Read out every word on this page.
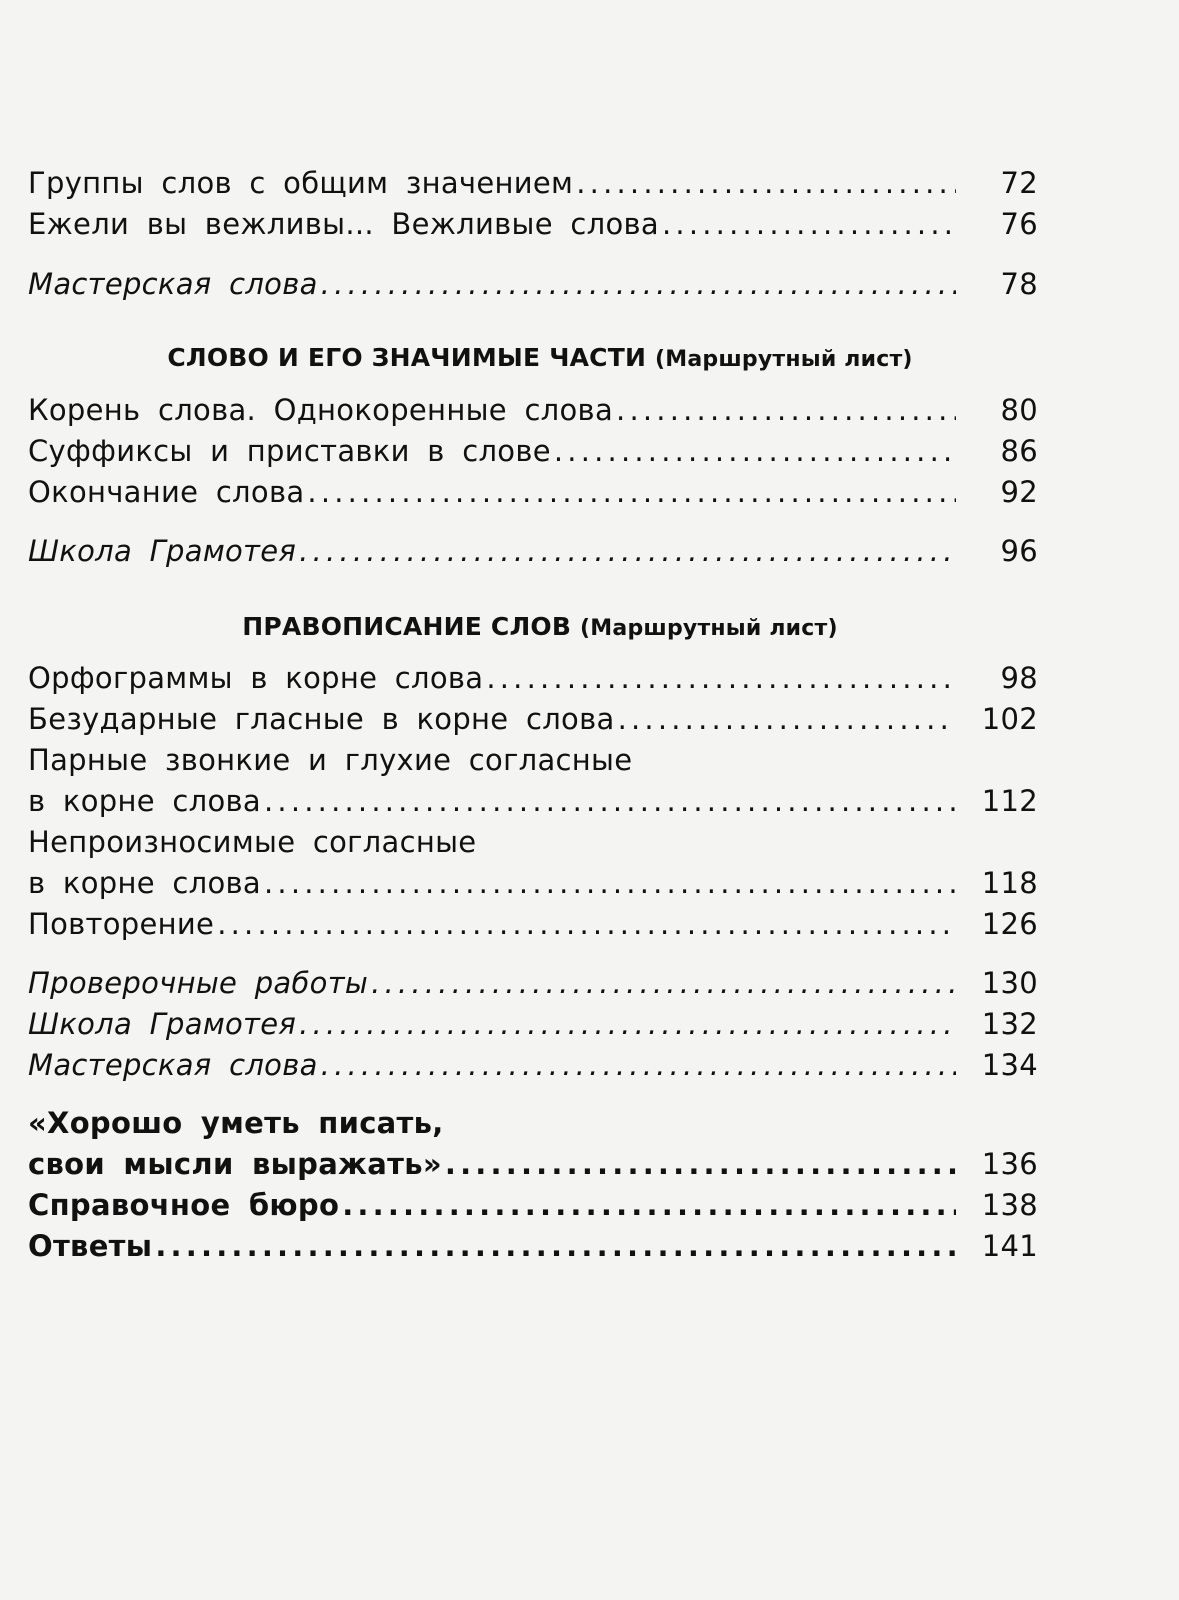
Группы слов с общим значением .....	72
Ежели вы вежливы... Вежливые слова .....	76
Мастерская слова .....	78
СЛОВО И ЕГО ЗНАЧИМЫЕ ЧАСТИ (Маршрутный лист)
Корень слова. Однокоренные слова .....	80
Суффиксы и приставки в слове .....	86
Окончание слова .....	92
Школа Грамотея .....	96
ПРАВОПИСАНИЕ СЛОВ (Маршрутный лист)
Орфограммы в корне слова .....	98
Безударные гласные в корне слова .....	102
Парные звонкие и глухие согласные
в корне слова .....	112
Непроизносимые согласные
в корне слова .....	118
Повторение .....	126
Проверочные работы .....	130
Школа Грамотея .....	132
Мастерская слова .....	134
«Хорошо уметь писать,
свои мысли выражать» .....	136
Справочное бюро .....	138
Ответы .....	141
